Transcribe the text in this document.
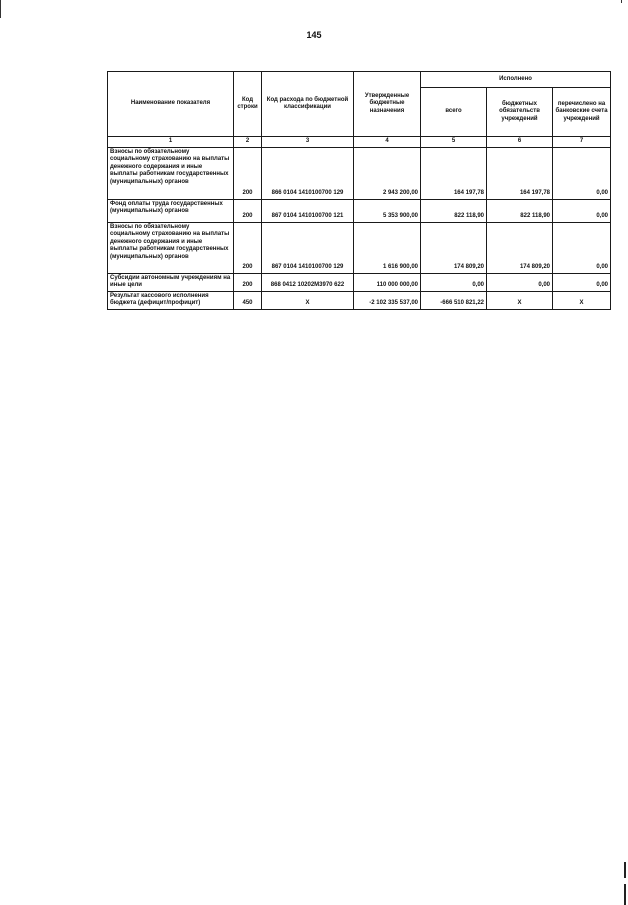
145
Наименование показателя	Код строки	Код расхода по бюджетной классификации	Утвержденные бюджетные назначения	Исполнено		
				всего	бюджетных обязательств учреждений	перечислено на банковские счета учреждений
1	2	3	4	5	6	7
Взносы по обязательному социальному страхованию на выплаты денежного содержания и иные выплаты работникам государственных (муниципальных) органов	200	866 0104 1410100700 129	2 943 200,00	164 197,78	164 197,78	0,00
Фонд оплаты труда государственных (муниципальных) органов	200	867 0104 1410100700 121	5 353 900,00	822 118,90	822 118,90	0,00
Взносы по обязательному социальному страхованию на выплаты денежного содержания и иные выплаты работникам государственных (муниципальных) органов	200	867 0104 1410100700 129	1 616 900,00	174 809,20	174 809,20	0,00
Субсидии автономным учреждениям на иные цели	200	868 0412 10202M3970 622	110 000 000,00	0,00	0,00	0,00
Результат кассового исполнения бюджета (дефицит/профицит)	450	X	-2 102 335 537,00	-666 510 821,22	X	X
